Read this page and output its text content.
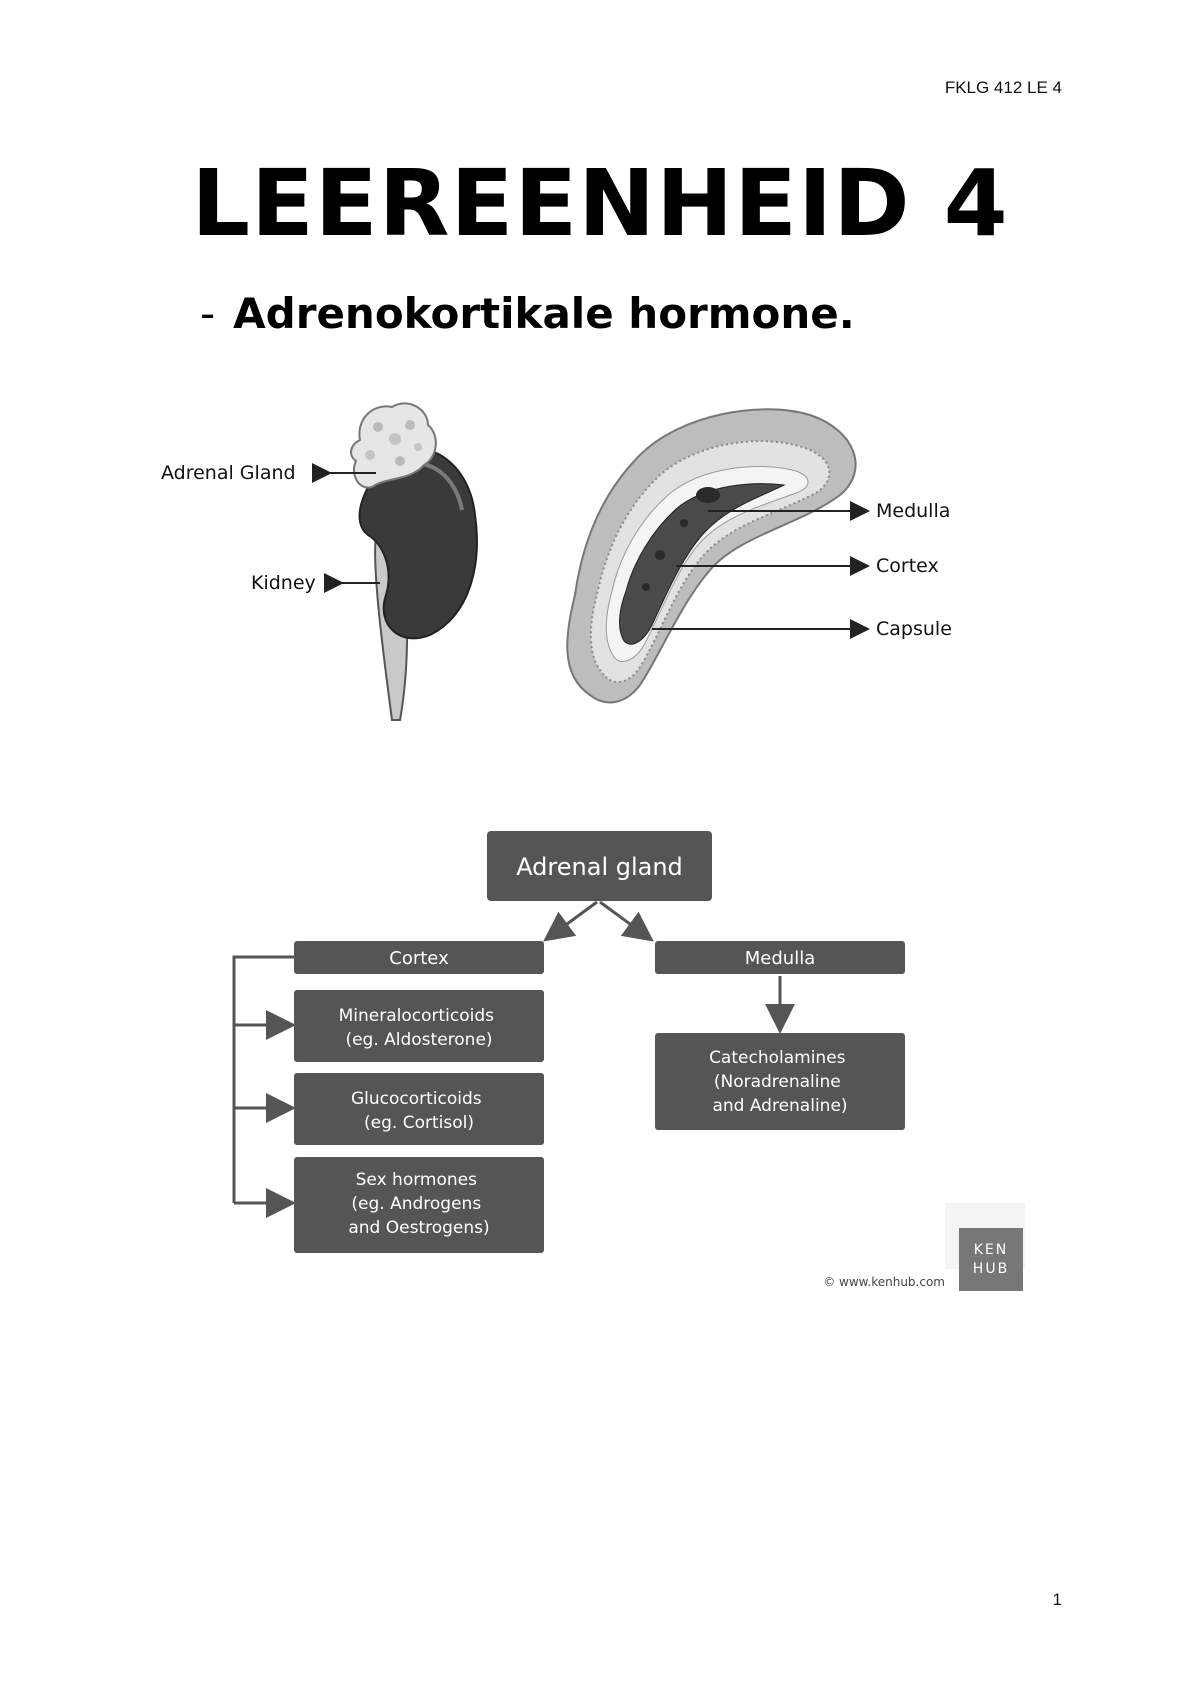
FKLG 412 LE 4
LEEREENHEID 4
- Adrenokortikale hormone.
Adrenal Gland
Kidney
Medulla
Cortex
Capsule
Adrenal gland
Cortex	Medulla
Mineralocorticoids (eg. Aldosterone)
Glucocorticoids (eg. Cortisol)
Sex hormones (eg. Androgens and Oestrogens)
Catecholamines (Noradrenaline and Adrenaline)
KEN
HUB
© www.kenhub.com
1
